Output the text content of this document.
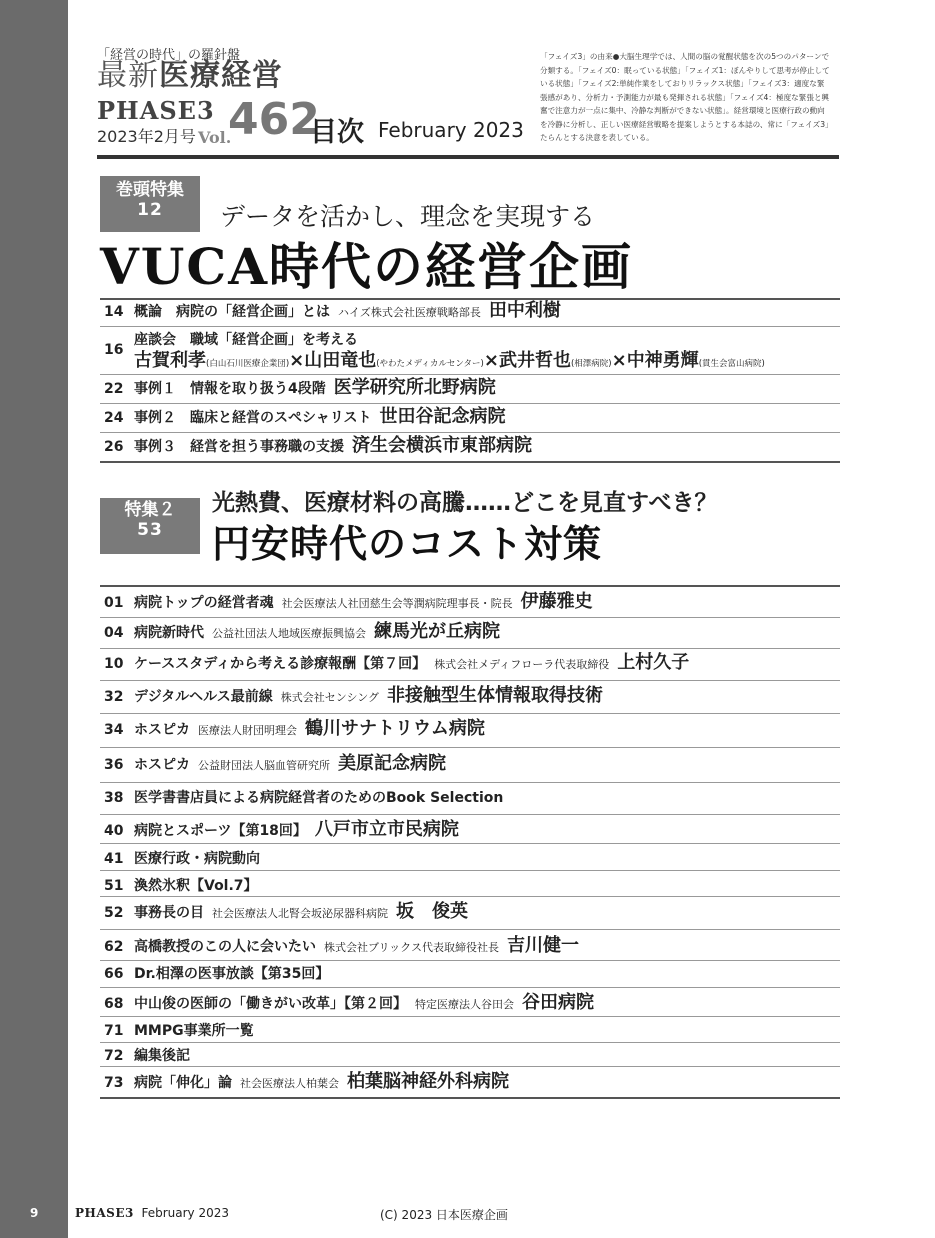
「経営の時代」の羅針盤
最新医療経営
PHASE3
2023年2月号 Vol.
462
目次 February 2023
「フェイズ3」の由来●大脳生理学では、人間の脳の覚醒状態を次の5つのパターンで分類する。「フェイズ0：眠っている状態」「フェイズ1：ぼんやりして思考が停止している状態」「フェイズ2:単純作業をしておりリラックス状態」「フェイズ3：適度な緊張感があり、分析力・予測能力が最も発揮される状態」「フェイズ4：極度な緊張と興奮で注意力が一点に集中、冷静な判断ができない状態」。経営環境と医療行政の動向を冷静に分析し、正しい医療経営戦略を提案しようとする本誌の、常に「フェイズ3」たらんとする決意を表している。
巻頭特集
12	データを活かし、理念を実現する
VUCA時代の経営企画
14 概論　病院の「経営企画」とは ハイズ株式会社医療戦略部長 田中利樹
16
座談会　職域「経営企画」を考える
古賀利孝(白山石川医療企業団)×山田竜也(やわたメディカルセンター)×武井哲也(相澤病院)×中神勇輝(貫生会富山病院)
22 事例１　情報を取り扱う4段階 医学研究所北野病院
24 事例２　臨床と経営のスペシャリスト 世田谷記念病院
26 事例３　経営を担う事務職の支援 済生会横浜市東部病院
特集２
53
光熱費、医療材料の高騰……どこを見直すべき？
円安時代のコスト対策
01 病院トップの経営者魂 社会医療法人社団慈生会等潤病院理事長・院長 伊藤雅史
04 病院新時代 公益社団法人地域医療振興協会 練馬光が丘病院
10 ケーススタディから考える診療報酬【第７回】 株式会社メディフローラ代表取締役 上村久子
32 デジタルヘルス最前線 株式会社センシング 非接触型生体情報取得技術
34 ホスピカ 医療法人財団明理会 鶴川サナトリウム病院
36 ホスピカ 公益財団法人脳血管研究所 美原記念病院
38 医学書書店員による病院経営者のためのBook Selection
40 病院とスポーツ【第18回】 八戸市立市民病院
41 医療行政・病院動向
51 渙然氷釈【Vol.7】
52 事務長の目 社会医療法人北腎会坂泌尿器科病院 坂　俊英
62 高橋教授のこの人に会いたい 株式会社ブリックス代表取締役社長 吉川健一
66 Dr.相澤の医事放談【第35回】
68 中山俊の医師の「働きがい改革」【第２回】 特定医療法人谷田会 谷田病院
71 MMPG事業所一覧
72 編集後記
73 病院「伸化」論 社会医療法人柏葉会 柏葉脳神経外科病院
9	PHASE3 February 2023	(C) 2023 日本医療企画
